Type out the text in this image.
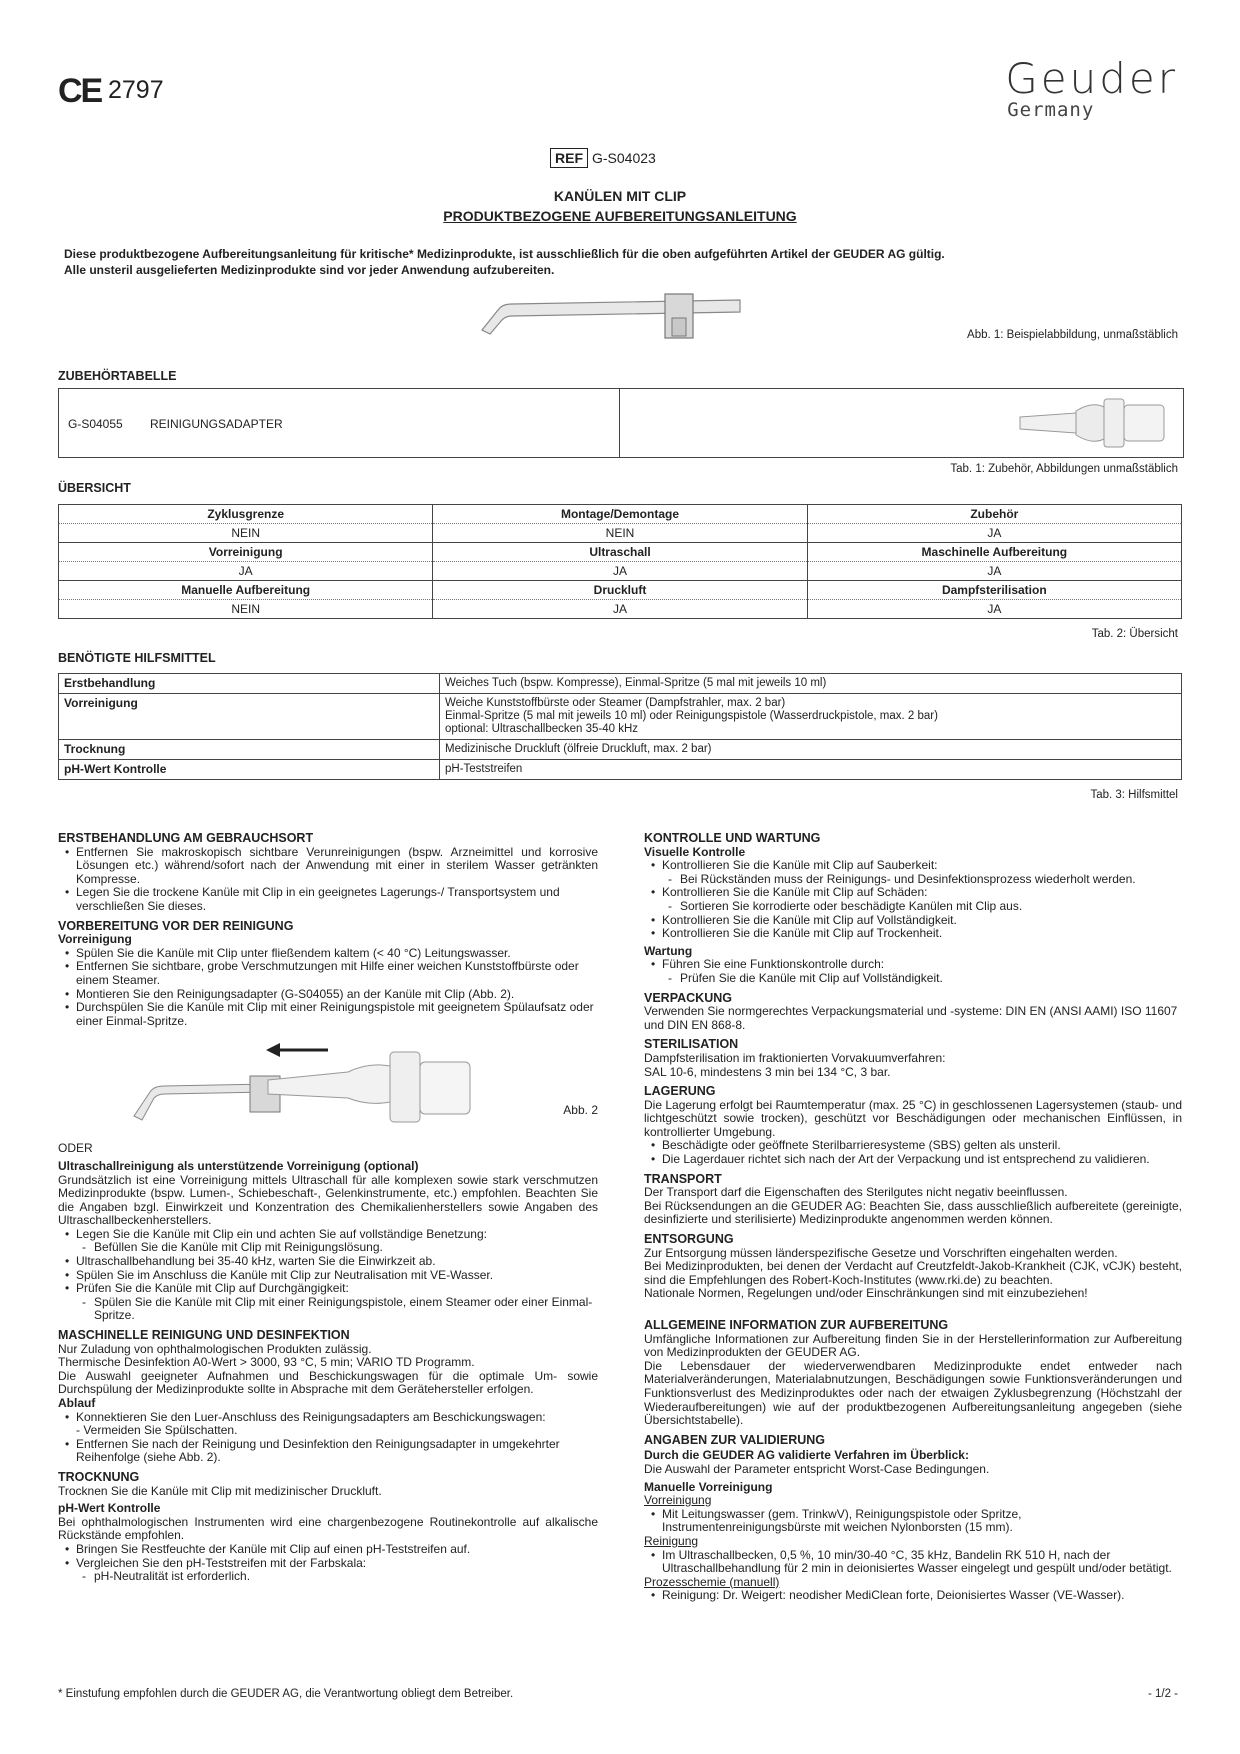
CE 2797	Geuder
Germany
REF G-S04023
KANÜLEN MIT CLIP
PRODUKTBEZOGENE AUFBEREITUNGSANLEITUNG
Diese produktbezogene Aufbereitungsanleitung für kritische* Medizinprodukte, ist ausschließlich für die oben aufgeführten Artikel der GEUDER AG gültig.
Alle unsteril ausgelieferten Medizinprodukte sind vor jeder Anwendung aufzubereiten.
Abb. 1: Beispielabbildung, unmaßstäblich
ZUBEHÖRTABELLE
G-S04055 REINIGUNGSADAPTER
Tab. 1: Zubehör, Abbildungen unmaßstäblich
ÜBERSICHT
Zyklusgrenze	Montage/Demontage	Zubehör
NEIN	NEIN	JA
Vorreinigung	Ultraschall	Maschinelle Aufbereitung
JA	JA	JA
Manuelle Aufbereitung	Druckluft	Dampfsterilisation
NEIN	JA	JA
Tab. 2: Übersicht
BENÖTIGTE HILFSMITTEL
Erstbehandlung	Weiches Tuch (bspw. Kompresse), Einmal-Spritze (5 mal mit jeweils 10 ml)
Vorreinigung	Weiche Kunststoffbürste oder Steamer (Dampfstrahler, max. 2 bar)
Einmal-Spritze (5 mal mit jeweils 10 ml) oder Reinigungspistole (Wasserdruckpistole, max. 2 bar)
optional: Ultraschallbecken 35-40 kHz

Trocknung	Medizinische Druckluft (ölfreie Druckluft, max. 2 bar)
pH-Wert Kontrolle	pH-Teststreifen
Tab. 3: Hilfsmittel
ERSTBEHANDLUNG AM GEBRAUCHSORT

• Entfernen Sie makroskopisch sichtbare Verunreinigungen (bspw. Arzneimittel und korrosive Lösungen etc.) während/sofort nach der Anwendung mit einer in sterilem Wasser getränkten Kompresse.

• Legen Sie die trockene Kanüle mit Clip in ein geeignetes Lagerungs-/ Transportsystem und verschließen Sie dieses.

VORBEREITUNG VOR DER REINIGUNG
Vorreinigung

• Spülen Sie die Kanüle mit Clip unter fließendem kaltem (< 40 °C) Leitungswasser.

• Entfernen Sie sichtbare, grobe Verschmutzungen mit Hilfe einer weichen Kunststoffbürste oder einem Steamer.

• Montieren Sie den Reinigungsadapter (G-S04055) an der Kanüle mit Clip (Abb. 2).

• Durchspülen Sie die Kanüle mit Clip mit einer Reinigungspistole mit geeignetem Spülaufsatz oder einer Einmal-Spritze.

Abb. 2

ODER

Ultraschallreinigung als unterstützende Vorreinigung (optional)

Grundsätzlich ist eine Vorreinigung mittels Ultraschall für alle komplexen sowie stark verschmutzen Medizinprodukte (bspw. Lumen-, Schiebeschaft-, Gelenkinstrumente, etc.) empfohlen. Beachten Sie die Angaben bzgl. Einwirkzeit und Konzentration des Chemikalienherstellers sowie Angaben des Ultraschallbeckenherstellers.

• Legen Sie die Kanüle mit Clip ein und achten Sie auf vollständige Benetzung:

- Befüllen Sie die Kanüle mit Clip mit Reinigungslösung.

• Ultraschallbehandlung bei 35-40 kHz, warten Sie die Einwirkzeit ab.

• Spülen Sie im Anschluss die Kanüle mit Clip zur Neutralisation mit VE-Wasser.

• Prüfen Sie die Kanüle mit Clip auf Durchgängigkeit:

- Spülen Sie die Kanüle mit Clip mit einer Reinigungspistole, einem Steamer oder einer Einmal-Spritze.

MASCHINELLE REINIGUNG UND DESINFEKTION

Nur Zuladung von ophthalmologischen Produkten zulässig.

Thermische Desinfektion A0-Wert > 3000, 93 °C, 5 min; VARIO TD Programm.

Die Auswahl geeigneter Aufnahmen und Beschickungswagen für die optimale Um- sowie Durchspülung der Medizinprodukte sollte in Absprache mit dem Gerätehersteller erfolgen.

Ablauf

• Konnektieren Sie den Luer-Anschluss des Reinigungsadapters am Beschickungswagen:

- Vermeiden Sie Spülschatten.

• Entfernen Sie nach der Reinigung und Desinfektion den Reinigungsadapter in umgekehrter Reihenfolge (siehe Abb. 2).

TROCKNUNG

Trocknen Sie die Kanüle mit Clip mit medizinischer Druckluft.

pH-Wert Kontrolle

Bei ophthalmologischen Instrumenten wird eine chargenbezogene Routinekontrolle auf alkalische Rückstände empfohlen.

• Bringen Sie Restfeuchte der Kanüle mit Clip auf einen pH-Teststreifen auf.

• Vergleichen Sie den pH-Teststreifen mit der Farbskala:

- pH-Neutralität ist erforderlich.

KONTROLLE UND WARTUNG
Visuelle Kontrolle

• Kontrollieren Sie die Kanüle mit Clip auf Sauberkeit:

- Bei Rückständen muss der Reinigungs- und Desinfektionsprozess wiederholt werden.

• Kontrollieren Sie die Kanüle mit Clip auf Schäden:

- Sortieren Sie korrodierte oder beschädigte Kanülen mit Clip aus.

• Kontrollieren Sie die Kanüle mit Clip auf Vollständigkeit.

• Kontrollieren Sie die Kanüle mit Clip auf Trockenheit.

Wartung

• Führen Sie eine Funktionskontrolle durch:

- Prüfen Sie die Kanüle mit Clip auf Vollständigkeit.

VERPACKUNG

Verwenden Sie normgerechtes Verpackungsmaterial und -systeme: DIN EN (ANSI AAMI) ISO 11607 und DIN EN 868-8.

STERILISATION

Dampfsterilisation im fraktionierten Vorvakuumverfahren:

SAL 10-6, mindestens 3 min bei 134 °C, 3 bar.

LAGERUNG

Die Lagerung erfolgt bei Raumtemperatur (max. 25 °C) in geschlossenen Lagersystemen (staub- und lichtgeschützt sowie trocken), geschützt vor Beschädigungen oder mechanischen Einflüssen, in kontrollierter Umgebung.

• Beschädigte oder geöffnete Sterilbarrieresysteme (SBS) gelten als unsteril.

• Die Lagerdauer richtet sich nach der Art der Verpackung und ist entsprechend zu validieren.

TRANSPORT

Der Transport darf die Eigenschaften des Sterilgutes nicht negativ beeinflussen.

Bei Rücksendungen an die GEUDER AG: Beachten Sie, dass ausschließlich aufbereitete (gereinigte, desinfizierte und sterilisierte) Medizinprodukte angenommen werden können.

ENTSORGUNG

Zur Entsorgung müssen länderspezifische Gesetze und Vorschriften eingehalten werden.

Bei Medizinprodukten, bei denen der Verdacht auf Creutzfeldt-Jakob-Krankheit (CJK, vCJK) besteht, sind die Empfehlungen des Robert-Koch-Institutes (www.rki.de) zu beachten.

Nationale Normen, Regelungen und/oder Einschränkungen sind mit einzubeziehen!

ALLGEMEINE INFORMATION ZUR AUFBEREITUNG

Umfängliche Informationen zur Aufbereitung finden Sie in der Herstellerinformation zur Aufbereitung von Medizinprodukten der GEUDER AG.

Die Lebensdauer der wiederverwendbaren Medizinprodukte endet entweder nach Materialveränderungen, Materialabnutzungen, Beschädigungen sowie Funktionsveränderungen und Funktionsverlust des Medizinproduktes oder nach der etwaigen Zyklusbegrenzung (Höchstzahl der Wiederaufbereitungen) wie auf der produktbezogenen Aufbereitungsanleitung angegeben (siehe Übersichtstabelle).

ANGABEN ZUR VALIDIERUNG
Durch die GEUDER AG validierte Verfahren im Überblick:

Die Auswahl der Parameter entspricht Worst-Case Bedingungen.

Manuelle Vorreinigung

Vorreinigung

• Mit Leitungswasser (gem. TrinkwV), Reinigungspistole oder Spritze, Instrumentenreinigungsbürste mit weichen Nylonborsten (15 mm).

Reinigung

• Im Ultraschallbecken, 0,5 %, 10 min/30-40 °C, 35 kHz, Bandelin RK 510 H, nach der Ultraschallbehandlung für 2 min in deionisiertes Wasser eingelegt und gespült und/oder betätigt.

Prozesschemie (manuell)

• Reinigung: Dr. Weigert: neodisher MediClean forte, Deionisiertes Wasser (VE-Wasser).

* Einstufung empfohlen durch die GEUDER AG, die Verantwortung obliegt dem Betreiber.	- 1/2 -
